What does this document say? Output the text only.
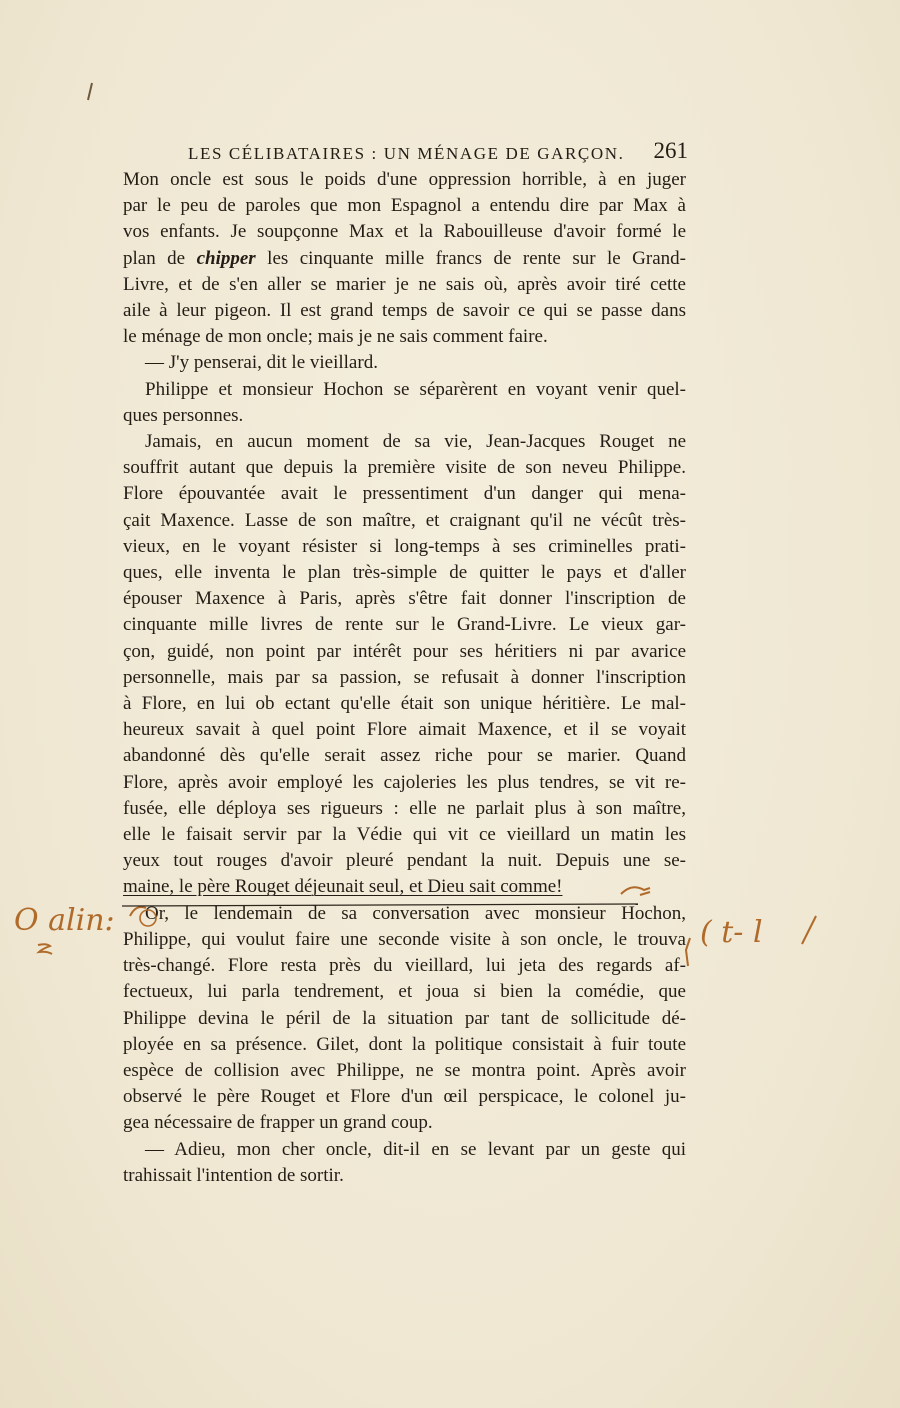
LES CÉLIBATAIRES : UN MÉNAGE DE GARÇON. 261

Mon oncle est sous le poids d'une oppression horrible, à en juger

par le peu de paroles que mon Espagnol a entendu dire par Max à

vos enfants. Je soupçonne Max et la Rabouilleuse d'avoir formé le

plan de chipper les cinquante mille francs de rente sur le Grand-

Livre, et de s'en aller se marier je ne sais où, après avoir tiré cette

aile à leur pigeon. Il est grand temps de savoir ce qui se passe dans

le ménage de mon oncle; mais je ne sais comment faire.

— J'y penserai, dit le vieillard.

Philippe et monsieur Hochon se séparèrent en voyant venir quel-

ques personnes.

Jamais, en aucun moment de sa vie, Jean-Jacques Rouget ne

souffrit autant que depuis la première visite de son neveu Philippe.

Flore épouvantée avait le pressentiment d'un danger qui mena-

çait Maxence. Lasse de son maître, et craignant qu'il ne vécût très-

vieux, en le voyant résister si long-temps à ses criminelles prati-

ques, elle inventa le plan très-simple de quitter le pays et d'aller

épouser Maxence à Paris, après s'être fait donner l'inscription de

cinquante mille livres de rente sur le Grand-Livre. Le vieux gar-

çon, guidé, non point par intérêt pour ses héritiers ni par avarice

personnelle, mais par sa passion, se refusait à donner l'inscription

à Flore, en lui ob ectant qu'elle était son unique héritière. Le mal-

heureux savait à quel point Flore aimait Maxence, et il se voyait

abandonné dès qu'elle serait assez riche pour se marier. Quand

Flore, après avoir employé les cajoleries les plus tendres, se vit re-

fusée, elle déploya ses rigueurs : elle ne parlait plus à son maître,

elle le faisait servir par la Védie qui vit ce vieillard un matin les

yeux tout rouges d'avoir pleuré pendant la nuit. Depuis une se-

maine, le père Rouget déjeunait seul, et Dieu sait comme!

Or, le lendemain de sa conversation avec monsieur Hochon,

Philippe, qui voulut faire une seconde visite à son oncle, le trouva

très-changé. Flore resta près du vieillard, lui jeta des regards af-

fectueux, lui parla tendrement, et joua si bien la comédie, que

Philippe devina le péril de la situation par tant de sollicitude dé-

ployée en sa présence. Gilet, dont la politique consistait à fuir toute

espèce de collision avec Philippe, ne se montra point. Après avoir

observé le père Rouget et Flore d'un œil perspicace, le colonel ju-

gea nécessaire de frapper un grand coup.

— Adieu, mon cher oncle, dit-il en se levant par un geste qui

trahissait l'intention de sortir.

O alin:	( t- l
